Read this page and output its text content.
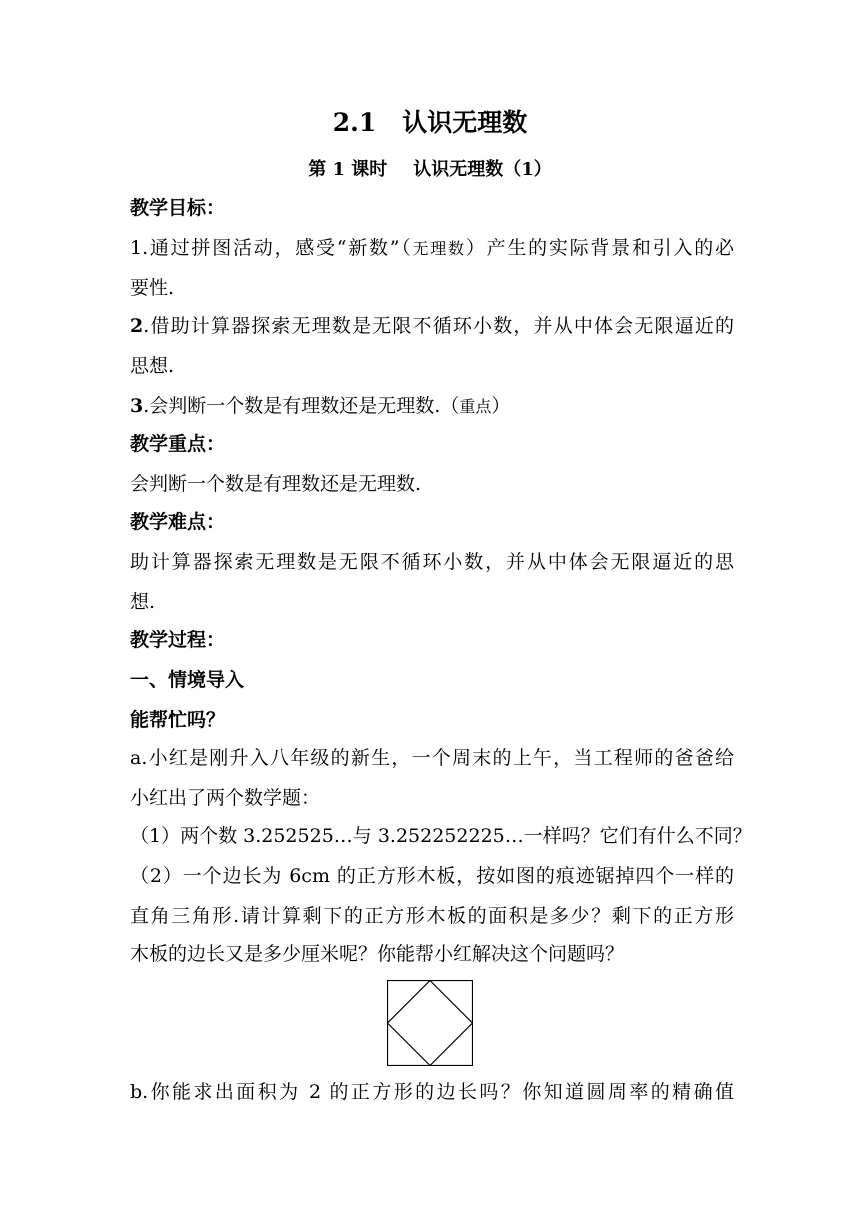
2.1 认识无理数
第 1 课时 认识无理数（1）
教学目标：
1.通过拼图活动，感受“新数”（无理数）产生的实际背景和引入的必
要性.
2.借助计算器探索无理数是无限不循环小数，并从中体会无限逼近的
思想.
3.会判断一个数是有理数还是无理数.（重点）
教学重点：
会判断一个数是有理数还是无理数.
教学难点：
助计算器探索无理数是无限不循环小数，并从中体会无限逼近的思
想.
教学过程：
一、情境导入
能帮忙吗？
a.小红是刚升入八年级的新生，一个周末的上午，当工程师的爸爸给
小红出了两个数学题：
（1）两个数 3.252525…与 3.252252225…一样吗？它们有什么不同？
（2）一个边长为 6cm 的正方形木板，按如图的痕迹锯掉四个一样的
直角三角形.请计算剩下的正方形木板的面积是多少？剩下的正方形
木板的边长又是多少厘米呢？你能帮小红解决这个问题吗？
b.你能求出面积为 2 的正方形的边长吗？你知道圆周率的精确值
